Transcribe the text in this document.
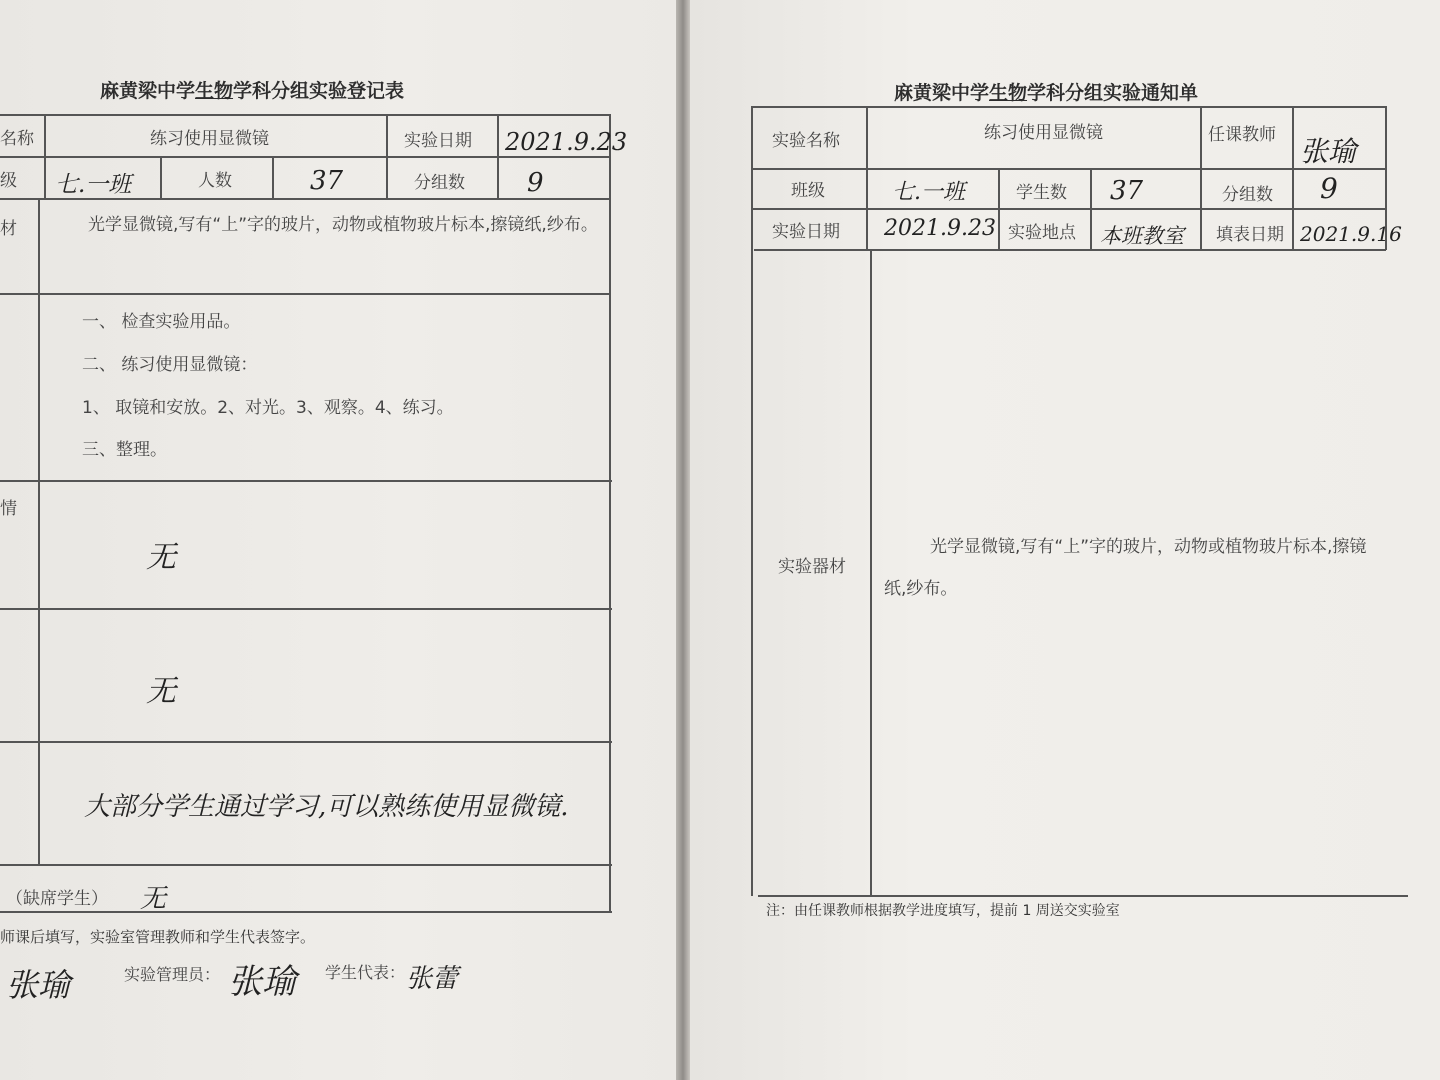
麻黄梁中学生物学科分组实验登记表
名称	练习使用显微镜	实验日期 2021.9.23
级 七.一班	人数	37	分组数 9
材	光学显微镜,写有“上”字的玻片，动物或植物玻片标本,擦镜纸,纱布。
一、 检查实验用品。
二、 练习使用显微镜：
1、 取镜和安放。2、对光。3、观察。4、练习。
三、整理。
情
无
无
大部分学生通过学习,可以熟练使用显微镜.
（缺席学生） 无
师课后填写，实验室管理教师和学生代表签字。
张瑜	实验管理员： 张瑜 学生代表： 张蕾
麻黄梁中学生物学科分组实验通知单
实验名称	练习使用显微镜	任课教师 张瑜
班级	七.一班	学生数 37	分组数 9
实验日期 2021.9.23 实验地点 本班教室 填表日期 2021.9.16
实验器材
光学显微镜,写有“上”字的玻片，动物或植物玻片标本,擦镜
纸,纱布。
注：由任课教师根据教学进度填写，提前 1 周送交实验室
